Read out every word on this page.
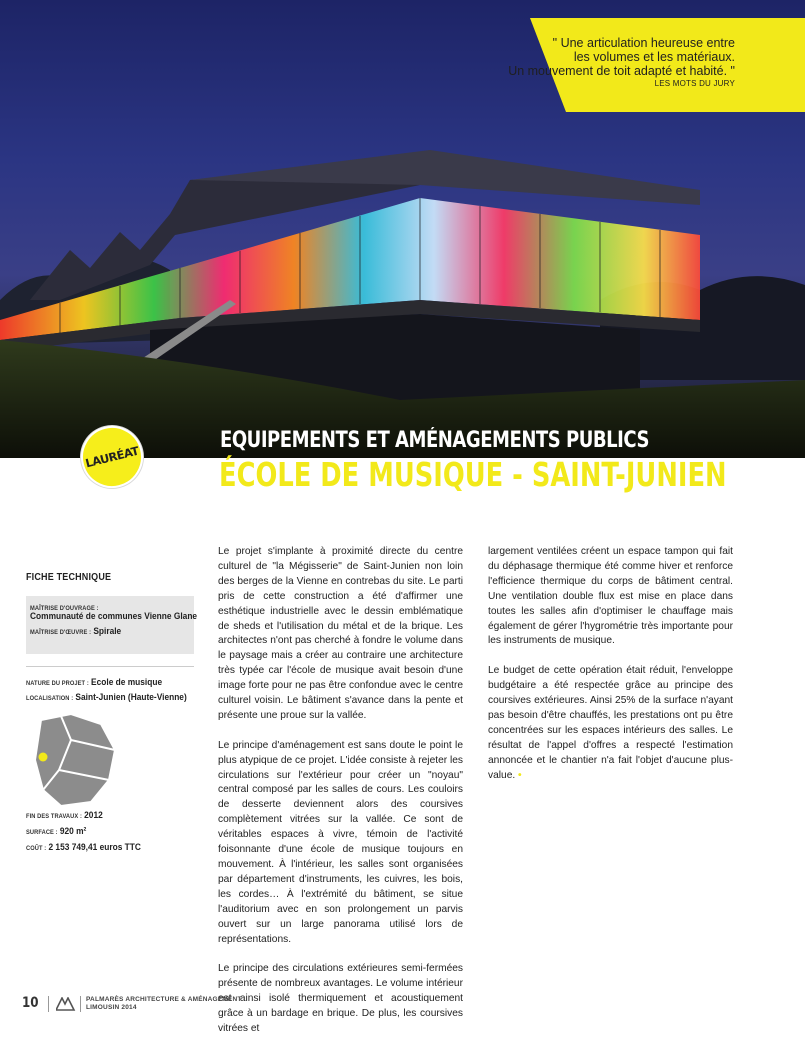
" Une articulation heureuse entre
les volumes et les matériaux.
Un mouvement de toit adapté et habité. "
LES MOTS DU JURY
EQUIPEMENTS ET AMÉNAGEMENTS PUBLICS
ÉCOLE DE MUSIQUE - SAINT-JUNIEN
LAURÉAT
FICHE TECHNIQUE
MAÎTRISE D'OUVRAGE :
Communauté de communes Vienne Glane
MAÎTRISE D'ŒUVRE : Spirale
NATURE DU PROJET : Ecole de musique
LOCALISATION : Saint-Junien (Haute-Vienne)
FIN DES TRAVAUX : 2012
SURFACE : 920 m²
COÛT : 2 153 749,41 euros TTC

Le projet s'implante à proximité directe du centre culturel de "la Mégisserie" de Saint-Junien non loin des berges de la Vienne en contrebas du site. Le parti pris de cette construction a été d'affirmer une esthétique industrielle avec le dessin emblématique de sheds et l'utilisation du métal et de la brique. Les architectes n'ont pas cherché à fondre le volume dans le paysage mais a créer au contraire une architecture très typée car l'école de musique avait besoin d'une image forte pour ne pas être confondue avec le centre culturel voisin. Le bâtiment s'avance dans la pente et présente une proue sur la vallée.

Le principe d'aménagement est sans doute le point le plus atypique de ce projet. L'idée consiste à rejeter les circulations sur l'extérieur pour créer un "noyau" central composé par les salles de cours. Les couloirs de desserte deviennent alors des coursives complètement vitrées sur la vallée. Ce sont de véritables espaces à vivre, témoin de l'activité foisonnante d'une école de musique toujours en mouvement. À l'intérieur, les salles sont organisées par département d'instruments, les cuivres, les bois, les cordes… À l'extrémité du bâtiment, se situe l'auditorium avec en son prolongement un parvis ouvert sur un large panorama utilisé lors de représentations.

Le principe des circulations extérieures semi-fermées présente de nombreux avantages. Le volume intérieur est ainsi isolé thermiquement et acoustiquement grâce à un bardage en brique. De plus, les coursives vitrées et

largement ventilées créent un espace tampon qui fait du déphasage thermique été comme hiver et renforce l'efficience thermique du corps de bâtiment central. Une ventilation double flux est mise en place dans toutes les salles afin d'optimiser le chauffage mais également de gérer l'hygrométrie très importante pour les instruments de musique.

Le budget de cette opération était réduit, l'enveloppe budgétaire a été respectée grâce au principe des coursives extérieures. Ainsi 25% de la surface n'ayant pas besoin d'être chauffés, les prestations ont pu être concentrées sur les espaces intérieurs des salles. Le résultat de l'appel d'offres a respecté l'estimation annoncée et le chantier n'a fait l'objet d'aucune plus-value. •

10	PALMARÈS ARCHITECTURE & AMÉNAGEMENT
LIMOUSIN 2014
